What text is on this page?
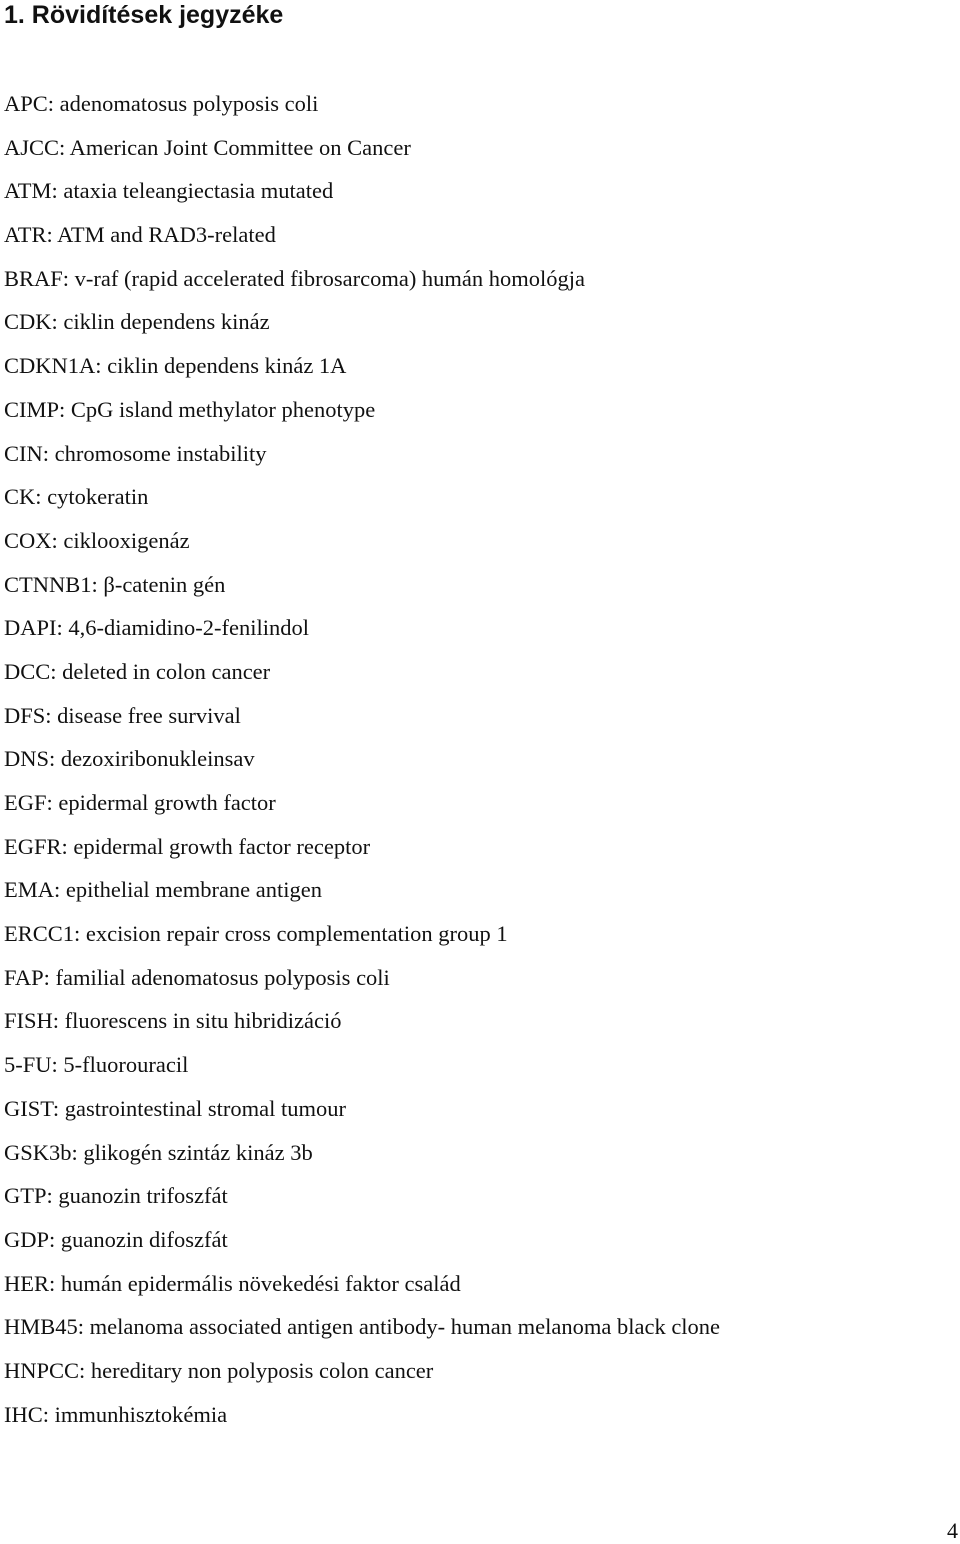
1. Rövidítések jegyzéke
APC: adenomatosus polyposis coli
AJCC: American Joint Committee on Cancer
ATM: ataxia teleangiectasia mutated
ATR: ATM and RAD3-related
BRAF: v-raf (rapid accelerated fibrosarcoma) humán homológja
CDK: ciklin dependens kináz
CDKN1A: ciklin dependens kináz 1A
CIMP: CpG island methylator phenotype
CIN: chromosome instability
CK: cytokeratin
COX: ciklooxigenáz
CTNNB1: β-catenin gén
DAPI: 4,6-diamidino-2-fenilindol
DCC: deleted in colon cancer
DFS: disease free survival
DNS: dezoxiribonukleinsav
EGF: epidermal growth factor
EGFR: epidermal growth factor receptor
EMA: epithelial membrane antigen
ERCC1: excision repair cross complementation group 1
FAP: familial adenomatosus polyposis coli
FISH: fluorescens in situ hibridizáció
5-FU: 5-fluorouracil
GIST: gastrointestinal stromal tumour
GSK3b: glikogén szintáz kináz 3b
GTP: guanozin trifoszfát
GDP: guanozin difoszfát
HER: humán epidermális növekedési faktor család
HMB45: melanoma associated antigen antibody- human melanoma black clone
HNPCC: hereditary non polyposis colon cancer
IHC: immunhisztokémia
4
